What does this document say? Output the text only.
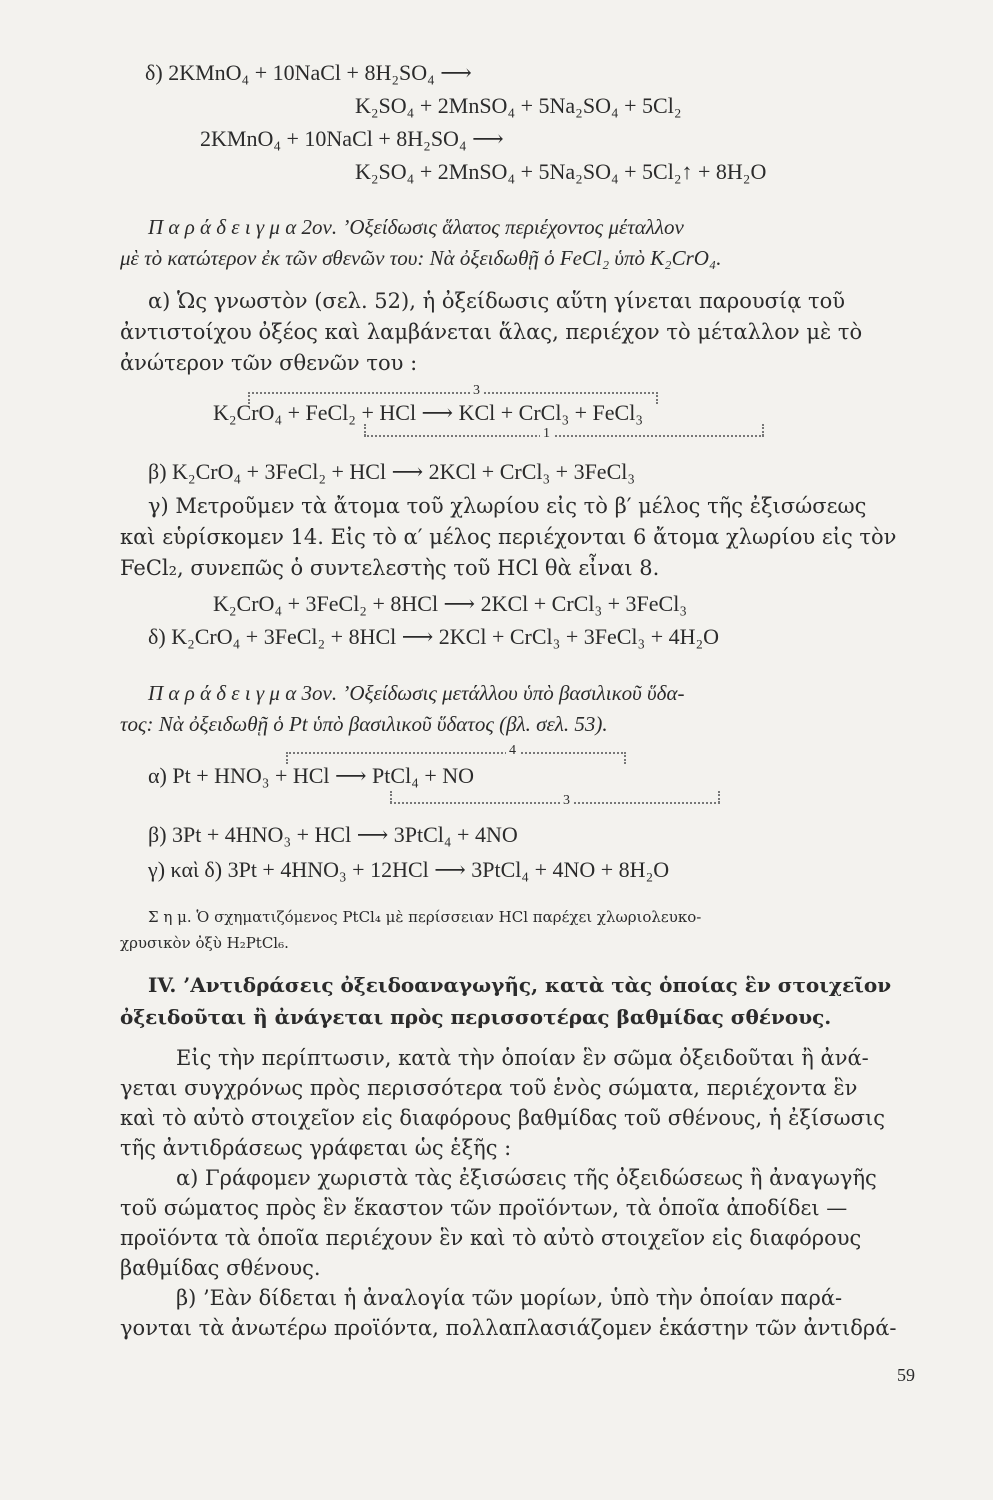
δ) 2KMnO₄ + 10NaCl + 8H₂SO₄ ⟶
K₂SO₄ + 2MnSO₄ + 5Na₂SO₄ + 5Cl₂
2KMnO₄ + 10NaCl + 8H₂SO₄ ⟶
K₂SO₄ + 2MnSO₄ + 5Na₂SO₄ + 5Cl₂↑ + 8H₂O
Π α ρ ά δ ε ι γ μ α 2ον. ’Οξείδωσις ἅλατος περιέχοντος μέταλλον
μὲ τὸ κατώτερον ἐκ τῶν σθενῶν του: Νὰ ὀξειδωθῇ ὁ FeCl₂ ὑπὸ K₂CrO₄.
α) Ὡς γνωστὸν (σελ. 52), ἡ ὀξείδωσις αὕτη γίνεται παρουσίᾳ τοῦ
ἀντιστοίχου ὀξέος καὶ λαμβάνεται ἅλας, περιέχον τὸ μέταλλον μὲ τὸ
ἀνώτερον τῶν σθενῶν του :
3
K₂CrO₄ + FeCl₂ + HCl ⟶ KCl + CrCl₃ + FeCl₃
1
β) K₂CrO₄ + 3FeCl₂ + HCl ⟶ 2KCl + CrCl₃ + 3FeCl₃
γ) Μετροῦμεν τὰ ἄτομα τοῦ χλωρίου εἰς τὸ β′ μέλος τῆς ἐξισώσεως
καὶ εὑρίσκομεν 14. Εἰς τὸ α′ μέλος περιέχονται 6 ἄτομα χλωρίου εἰς τὸν
FeCl₂, συνεπῶς ὁ συντελεστὴς τοῦ HCl θὰ εἶναι 8.
K₂CrO₄ + 3FeCl₂ + 8HCl ⟶ 2KCl + CrCl₃ + 3FeCl₃
δ) K₂CrO₄ + 3FeCl₂ + 8HCl ⟶ 2KCl + CrCl₃ + 3FeCl₃ + 4H₂O
Π α ρ ά δ ε ι γ μ α 3ον. ’Οξείδωσις μετάλλου ὑπὸ βασιλικοῦ ὕδα-
τος: Νὰ ὀξειδωθῇ ὁ Pt ὑπὸ βασιλικοῦ ὕδατος (βλ. σελ. 53).
4
α) Pt + HNO₃ + HCl ⟶ PtCl₄ + NO
3
β) 3Pt + 4HNO₃ + HCl ⟶ 3PtCl₄ + 4NO
γ) καὶ δ) 3Pt + 4HNO₃ + 12HCl ⟶ 3PtCl₄ + 4NO + 8H₂O
Σ η μ. Ὁ σχηματιζόμενος PtCl₄ μὲ περίσσειαν HCl παρέχει χλωριολευκο-
χρυσικὸν ὀξὺ H₂PtCl₆.
IV. ’Αντιδράσεις ὀξειδοαναγωγῆς, κατὰ τὰς ὁποίας ἓν στοιχεῖον
ὀξειδοῦται ἢ ἀνάγεται πρὸς περισσοτέρας βαθμίδας σθένους.
Εἰς τὴν περίπτωσιν, κατὰ τὴν ὁποίαν ἓν σῶμα ὀξειδοῦται ἢ ἀνά-
γεται συγχρόνως πρὸς περισσότερα τοῦ ἑνὸς σώματα, περιέχοντα ἓν
καὶ τὸ αὐτὸ στοιχεῖον εἰς διαφόρους βαθμίδας τοῦ σθένους, ἡ ἐξίσωσις
τῆς ἀντιδράσεως γράφεται ὡς ἑξῆς :
α) Γράφομεν χωριστὰ τὰς ἐξισώσεις τῆς ὀξειδώσεως ἢ ἀναγωγῆς
τοῦ σώματος πρὸς ἓν ἕκαστον τῶν προϊόντων, τὰ ὁποῖα ἀποδίδει —
προϊόντα τὰ ὁποῖα περιέχουν ἓν καὶ τὸ αὐτὸ στοιχεῖον εἰς διαφόρους
βαθμίδας σθένους.
β) ’Εὰν δίδεται ἡ ἀναλογία τῶν μορίων, ὑπὸ τὴν ὁποίαν παρά-
γονται τὰ ἀνωτέρω προϊόντα, πολλαπλασιάζομεν ἑκάστην τῶν ἀντιδρά-
59
